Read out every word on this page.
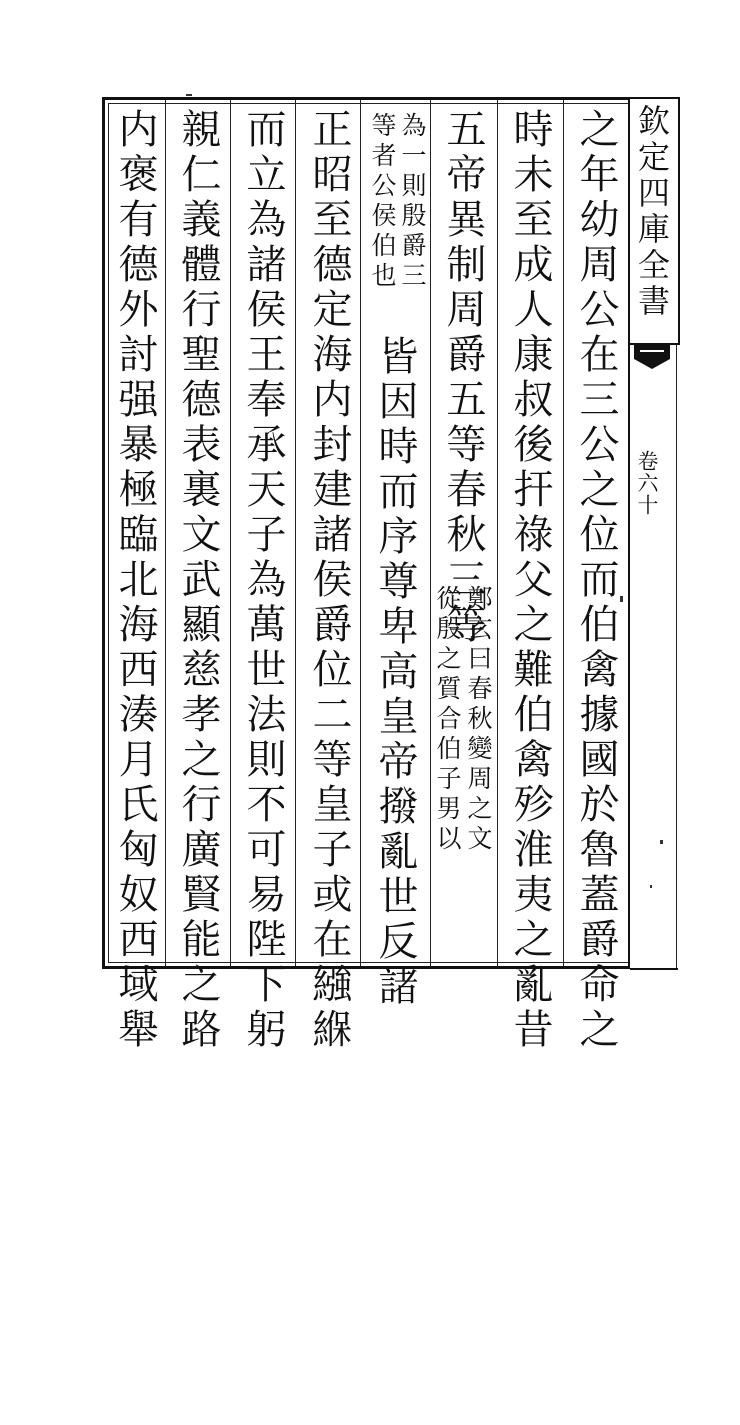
之年幼周公在三公之位而伯禽據國於魯蓋爵命之
時未至成人康叔後扞祿父之難伯禽殄淮夷之亂昔
五帝異制周爵五等春秋三等
鄭玄曰春秋變周之文
從殷之質合伯子男以
為一則殷爵三
等者公侯伯也
皆因時而序尊卑高皇帝撥亂世反諸
正昭至德定海内封建諸侯爵位二等皇子或在繈緥
而立為諸侯王奉承天子為萬世法則不可易陛下躬
親仁義體行聖德表裏文武顯慈孝之行廣賢能之路
内褒有德外討强暴極臨北海西湊月氏匈奴西域舉	欽定四庫全書
卷六十
